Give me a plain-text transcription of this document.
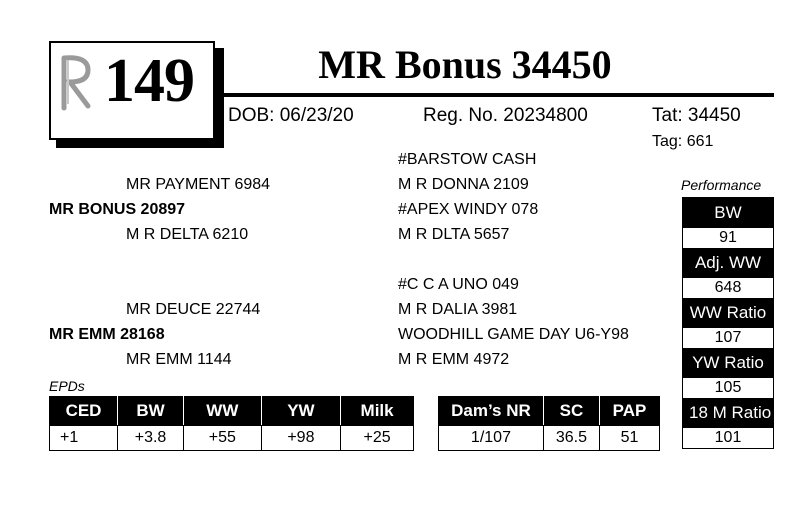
149	MR Bonus 34450
DOB: 06/23/20	Reg. No. 20234800	Tat: 34450
Tag: 661
MR PAYMENT 6984
MR BONUS 20897
M R DELTA 6210
MR DEUCE 22744
MR EMM 28168
MR EMM 1144
#BARSTOW CASH
M R DONNA 2109
#APEX WINDY 078
M R DLTA 5657
#C C A UNO 049
M R DALIA 3981
WOODHILL GAME DAY U6-Y98
M R EMM 4972
EPDs
CED	BW	WW	YW	Milk
+1	+3.8	+55	+98	+25
Dam’s NR	SC	PAP
1/107	36.5	51
Performance
BW
91
Adj. WW
648
WW Ratio
107
YW Ratio
105
18 M Ratio
101
